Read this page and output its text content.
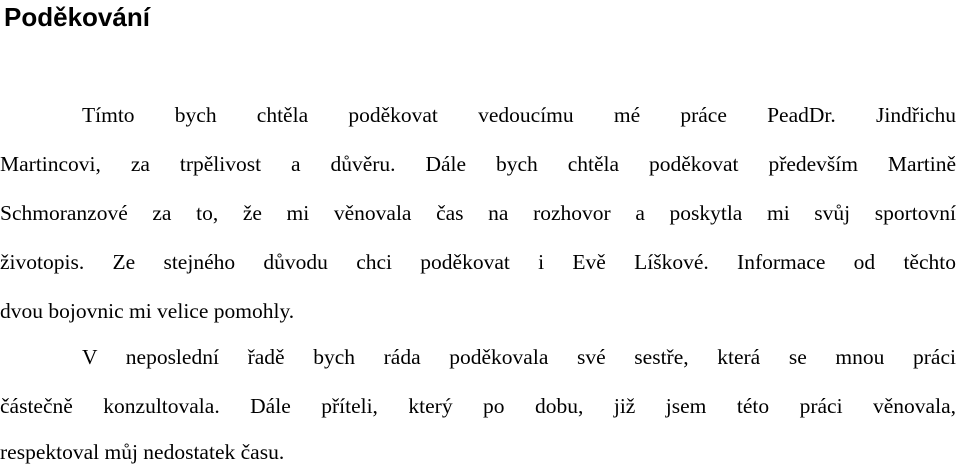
Poděkování

Tímto bych chtěla poděkovat vedoucímu mé práce PeadDr. Jindřichu

Martincovi, za trpělivost a důvěru. Dále bych chtěla poděkovat především Martině

Schmoranzové za to, že mi věnovala čas na rozhovor a poskytla mi svůj sportovní

životopis. Ze stejného důvodu chci poděkovat i Evě Líškové. Informace od těchto

dvou bojovnic mi velice pomohly.

V neposlední řadě bych ráda poděkovala své sestře, která se mnou práci

částečně konzultovala. Dále příteli, který po dobu, již jsem této práci věnovala,

respektoval můj nedostatek času.
